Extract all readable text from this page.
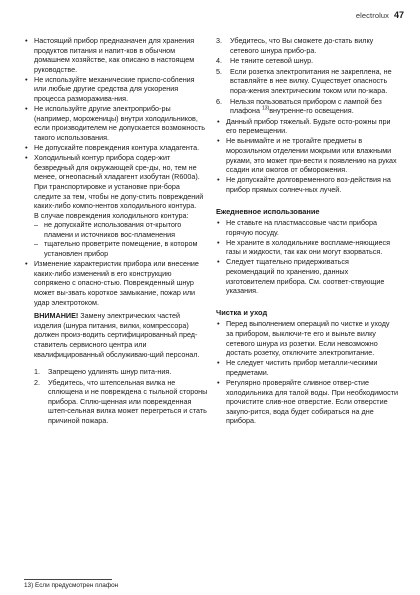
electrolux 47
• Настоящий прибор предназначен для хранения продуктов питания и напит-ков в обычном домашнем хозяйстве, как описано в настоящем руководстве.
• Не используйте механические приспо-собления или любые другие средства для ускорения процесса разморажива-ния.
• Не используйте другие электроприбо-ры (например, мороженицы) внутри холодильников, если производителем не допускается возможность такого использования.
• Не допускайте повреждения контура хладагента.
• Холодильный контур прибора содер-жит безвредный для окружающей сре-ды, но, тем не менее, огнеопасный хладагент изобутан (R600a).
При транспортировке и установке при-бора следите за тем, чтобы не допу-стить повреждений каких-либо компо-нентов холодильного контура.
В случае повреждения холодильного контура:
– не допускайте использования от-крытого пламени и источников вос-пламенения
– тщательно проветрите помещение, в котором установлен прибор
• Изменение характеристик прибора или внесение каких-либо изменений в его конструкцию сопряжено с опасно-стью. Поврежденный шнур может вы-звать короткое замыкание, пожар или удар электротоком.
ВНИМАНИЕ! Замену электрических частей изделия (шнура питания, вилки, компрессора) должен произ-водить сертифицированный пред-ставитель сервисного центра или квалифицированный обслуживаю-щий персонал.
1. Запрещено удлинять шнур пита-ния.
2. Убедитесь, что штепсельная вилка не сплющена и не повреждена с тыльной стороны прибора. Сплю-щенная или поврежденная штеп-сельная вилка может перегреться и стать причиной пожара.
3. Убедитесь, что Вы сможете до-стать вилку сетевого шнура прибо-ра.
4. Не тяните сетевой шнур.
5. Если розетка электропитания не закреплена, не вставляйте в нее вилку. Существует опасность пора-жения электрическим током или по-жара.
6. Нельзя пользоваться прибором с лампой без плафона $^{13)}$внутренне-го освещения.
• Данный прибор тяжелый. Будьте осто-рожны при его перемещении.
• Не вынимайте и не трогайте предметы в морозильном отделении мокрыми или влажными руками, это может при-вести к появлению на руках ссадин или ожогов от обморожения.
• Не допускайте долговременного воз-действия на прибор прямых солнеч-ных лучей.
Ежедневное использование
• Не ставьте на пластмассовые части прибора горячую посуду.
• Не храните в холодильнике воспламе-няющиеся газы и жидкости, так как они могут взорваться.
• Следует тщательно придерживаться рекомендаций по хранению, данных изготовителем прибора. См. соответ-ствующие указания.
Чистка и уход
• Перед выполнением операций по чистке и уходу за прибором, выключи-те его и выньте вилку сетевого шнура из розетки. Если невозможно достать розетку, отключите электропитание.
• Не следует чистить прибор металли-ческими предметами.
• Регулярно проверяйте сливное отвер-стие холодильника для талой воды. При необходимости прочистите слив-ное отверстие. Если отверстие закупо-рится, вода будет собираться на дне прибора.
13) Если предусмотрен плафон
